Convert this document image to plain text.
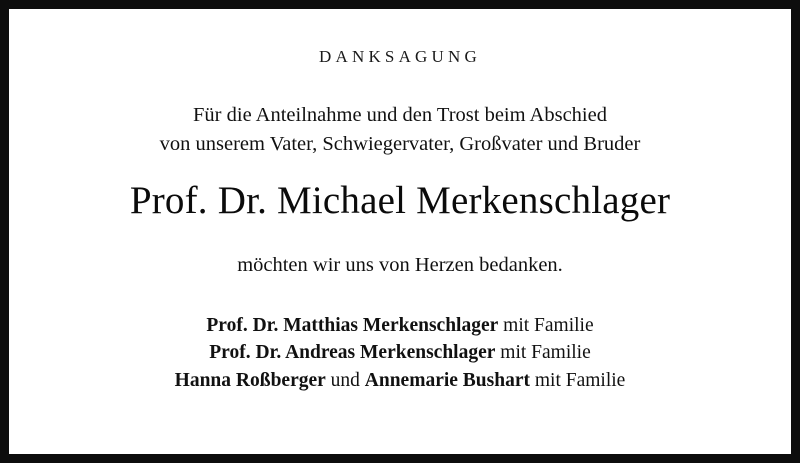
DANKSAGUNG
Für die Anteilnahme und den Trost beim Abschied
von unserem Vater, Schwiegervater, Großvater und Bruder
Prof. Dr. Michael Merkenschlager
möchten wir uns von Herzen bedanken.
Prof. Dr. Matthias Merkenschlager mit Familie
Prof. Dr. Andreas Merkenschlager mit Familie
Hanna Roßberger und Annemarie Bushart mit Familie
